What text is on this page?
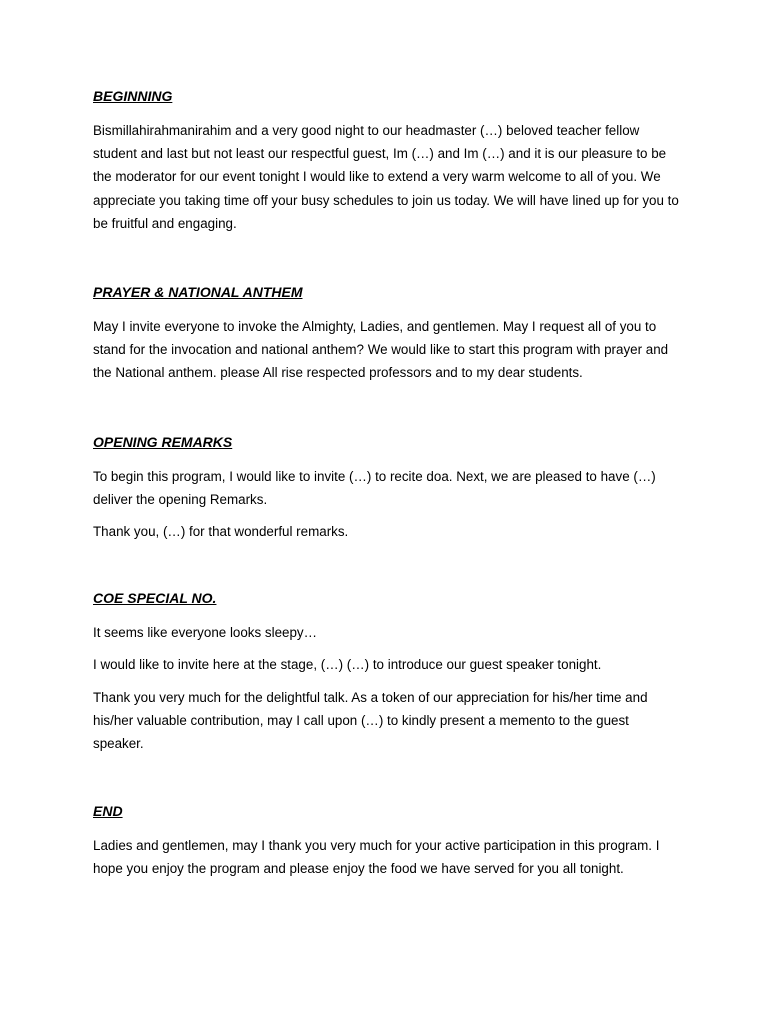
BEGINNING

Bismillahirahmanirahim and a very good night to our headmaster (…) beloved teacher fellow student and last but not least our respectful guest, Im (…) and Im (…) and it is our pleasure to be the moderator for our event tonight I would like to extend a very warm welcome to all of you. We appreciate you taking time off your busy schedules to join us today. We will have lined up for you to be fruitful and engaging.

PRAYER & NATIONAL ANTHEM

May I invite everyone to invoke the Almighty, Ladies, and gentlemen. May I request all of you to stand for the invocation and national anthem? We would like to start this program with prayer and the National anthem. please All rise respected professors and to my dear students.

OPENING REMARKS

To begin this program, I would like to invite (…) to recite doa. Next, we are pleased to have (…) deliver the opening Remarks.

Thank you, (…) for that wonderful remarks.

COE SPECIAL NO.

It seems like everyone looks sleepy…

I would like to invite here at the stage, (…) (…) to introduce our guest speaker tonight.

Thank you very much for the delightful talk. As a token of our appreciation for his/her time and his/her valuable contribution, may I call upon (…) to kindly present a memento to the guest speaker.

END

Ladies and gentlemen, may I thank you very much for your active participation in this program. I hope you enjoy the program and please enjoy the food we have served for you all tonight.
